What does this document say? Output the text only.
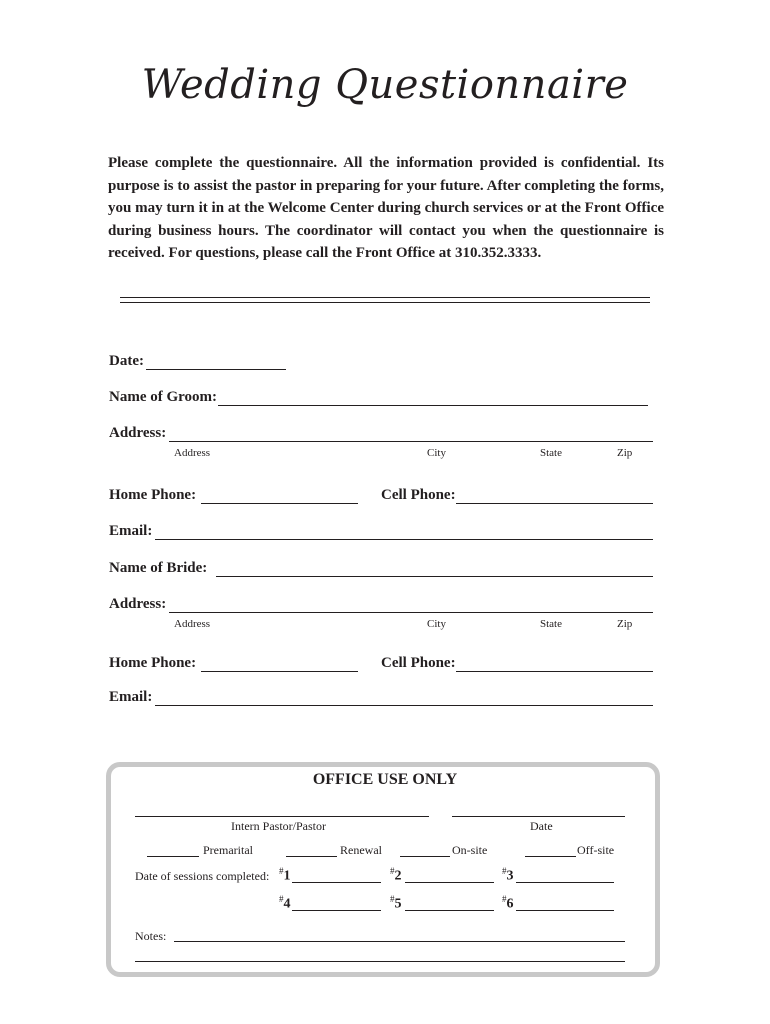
Wedding Questionnaire
Please complete the questionnaire. All the information provided is confidential. Its purpose is to assist the pastor in preparing for your future. After completing the forms, you may turn it in at the Welcome Center during church services or at the Front Office during business hours. The coordinator will contact you when the questionnaire is received. For questions, please call the Front Office at 310.352.3333.
Date:
Name of Groom:
Address:
Address	City	State	Zip
Home Phone:	Cell Phone:
Email:
Name of Bride:
Address:
Address	City	State	Zip
Home Phone:	Cell Phone:
Email:
OFFICE USE ONLY
Intern Pastor/Pastor	Date
Premarital	Renewal	On-site	Off-site
Date of sessions completed: #1	#2	#3
#4	#5	#6
Notes:
